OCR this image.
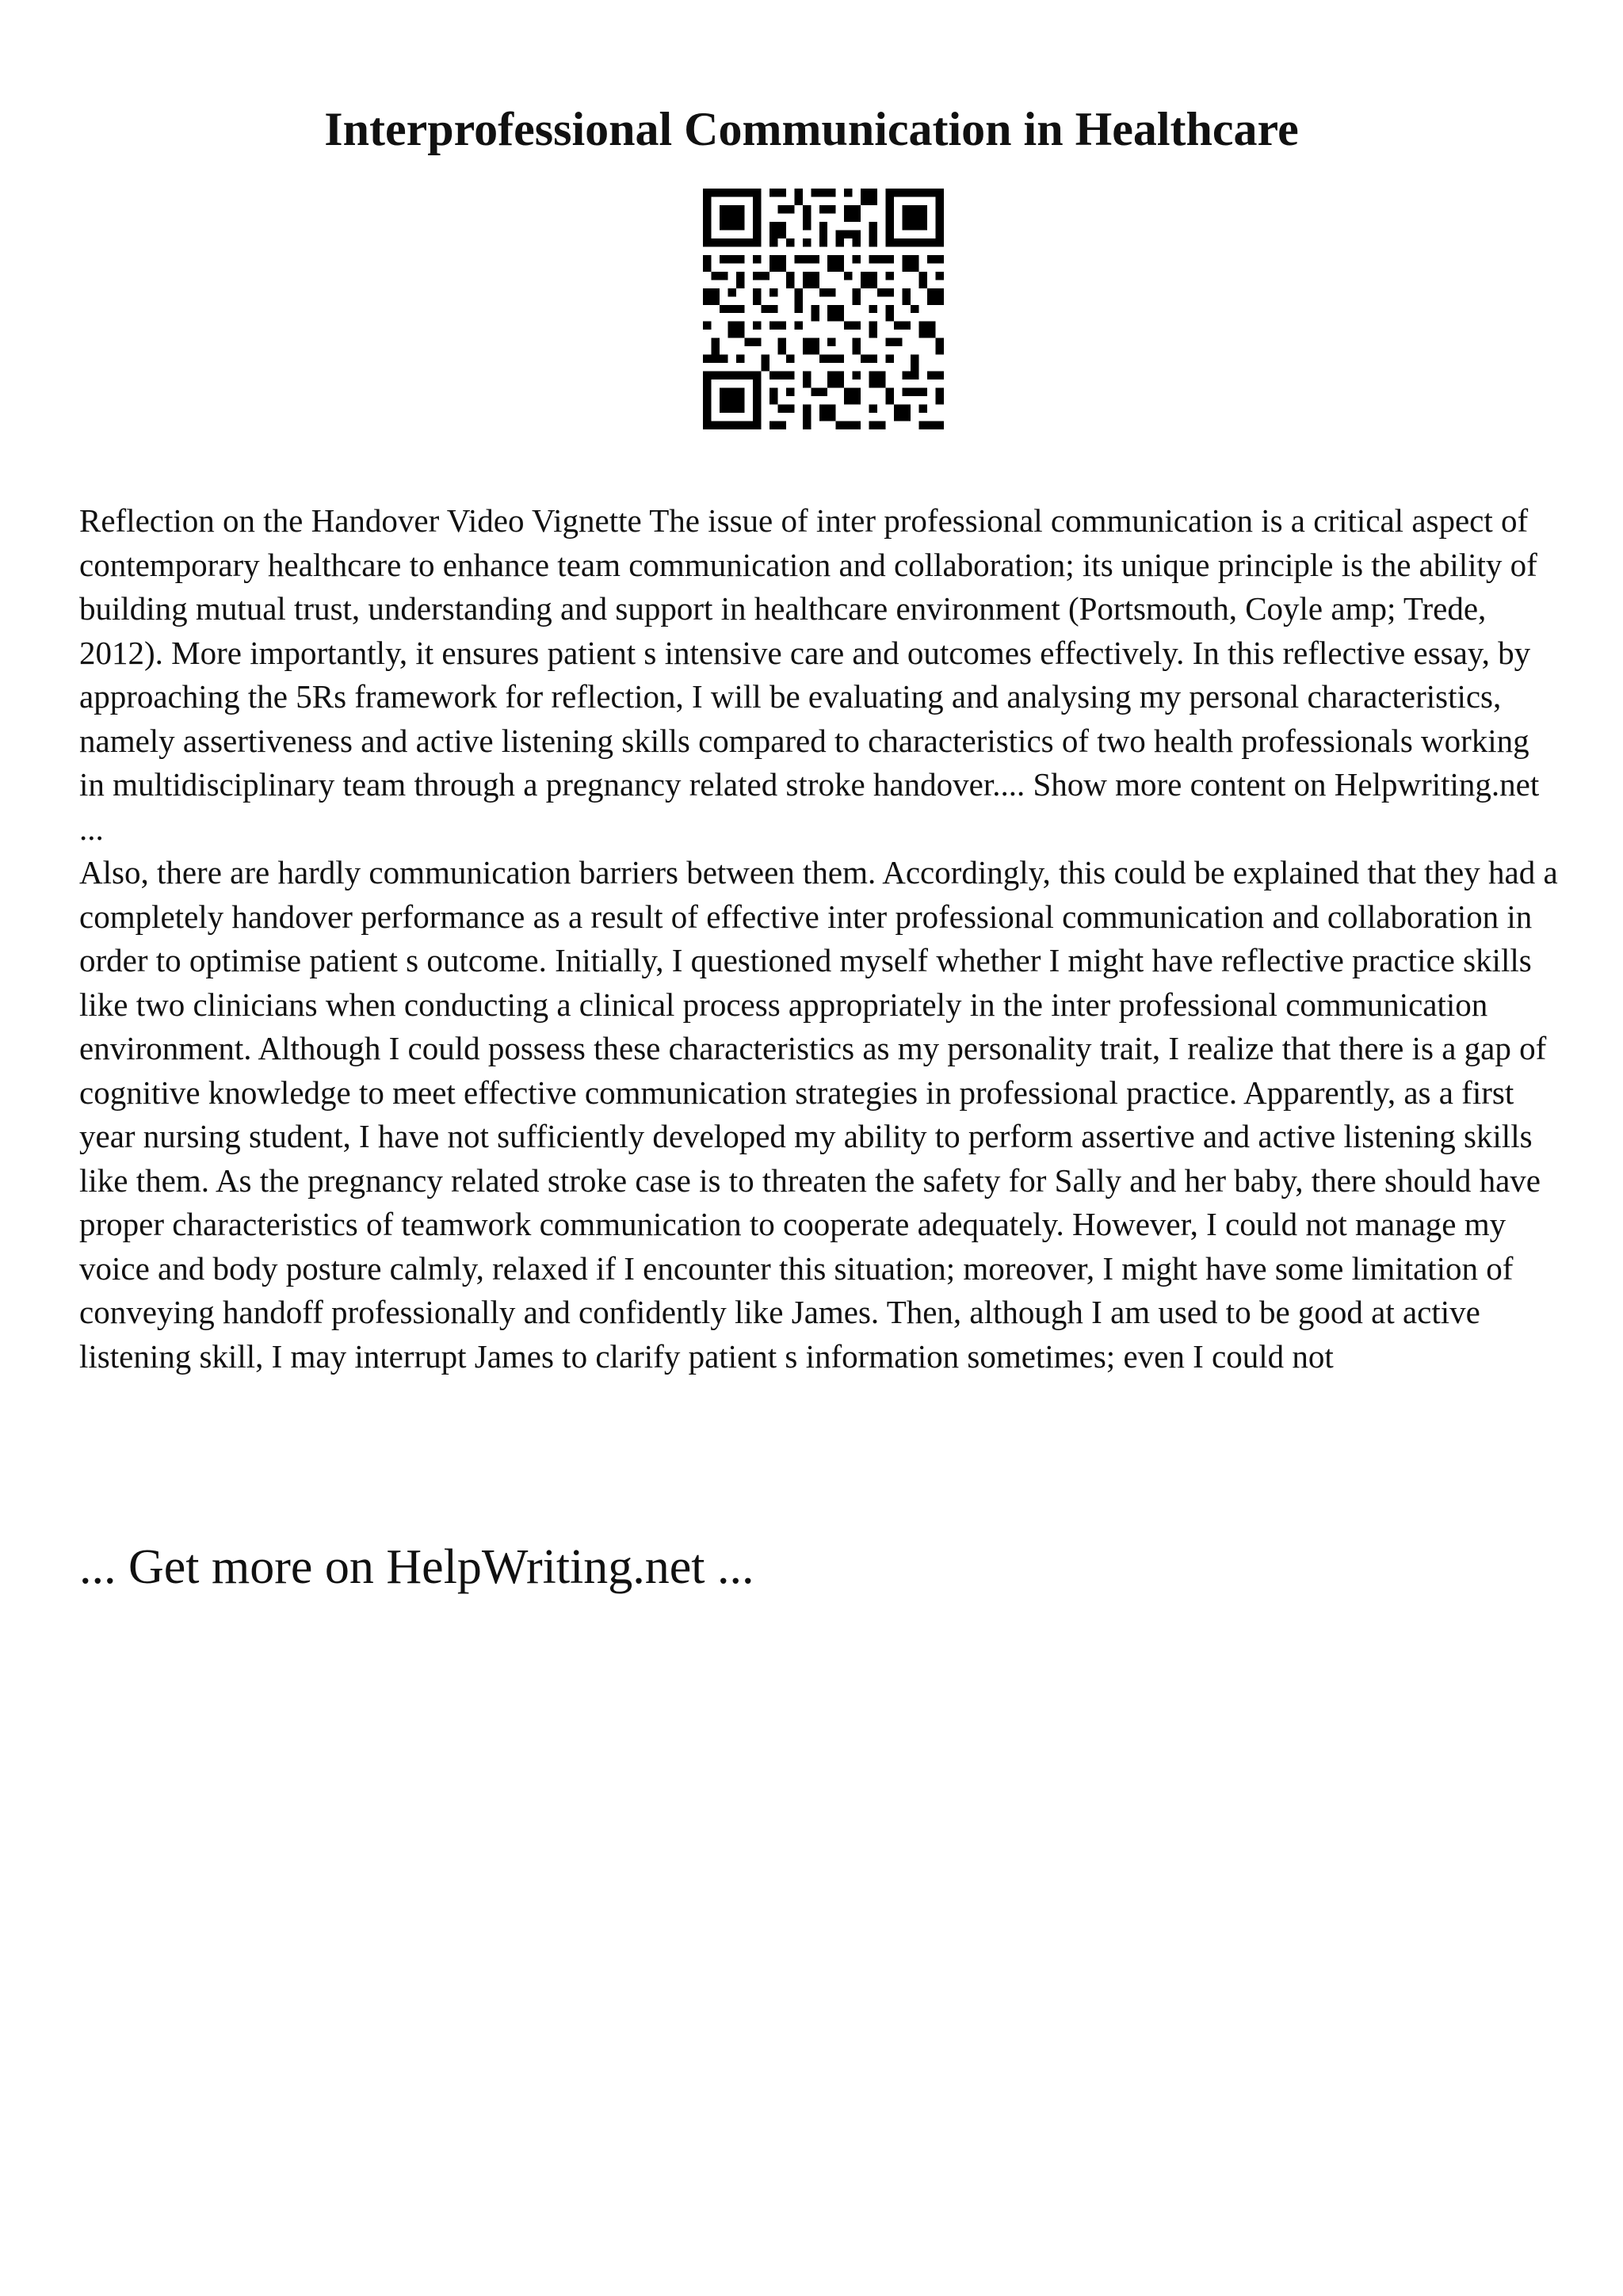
Interprofessional Communication in Healthcare

Reflection on the Handover Video Vignette The issue of inter professional communication is a critical aspect of contemporary healthcare to enhance team communication and collaboration; its unique principle is the ability of building mutual trust, understanding and support in healthcare environment (Portsmouth, Coyle amp; Trede, 2012). More importantly, it ensures patient s intensive care and outcomes effectively. In this reflective essay, by approaching the 5Rs framework for reflection, I will be evaluating and analysing my personal characteristics, namely assertiveness and active listening skills compared to characteristics of two health professionals working in multidisciplinary team through a pregnancy related stroke handover.... Show more content on Helpwriting.net ...

Also, there are hardly communication barriers between them. Accordingly, this could be explained that they had a completely handover performance as a result of effective inter professional communication and collaboration in order to optimise patient s outcome. Initially, I questioned myself whether I might have reflective practice skills like two clinicians when conducting a clinical process appropriately in the inter professional communication environment. Although I could possess these characteristics as my personality trait, I realize that there is a gap of cognitive knowledge to meet effective communication strategies in professional practice. Apparently, as a first year nursing student, I have not sufficiently developed my ability to perform assertive and active listening skills like them. As the pregnancy related stroke case is to threaten the safety for Sally and her baby, there should have proper characteristics of teamwork communication to cooperate adequately. However, I could not manage my voice and body posture calmly, relaxed if I encounter this situation; moreover, I might have some limitation of conveying handoff professionally and confidently like James. Then, although I am used to be good at active listening skill, I may interrupt James to clarify patient s information sometimes; even I could not

... Get more on HelpWriting.net ...
